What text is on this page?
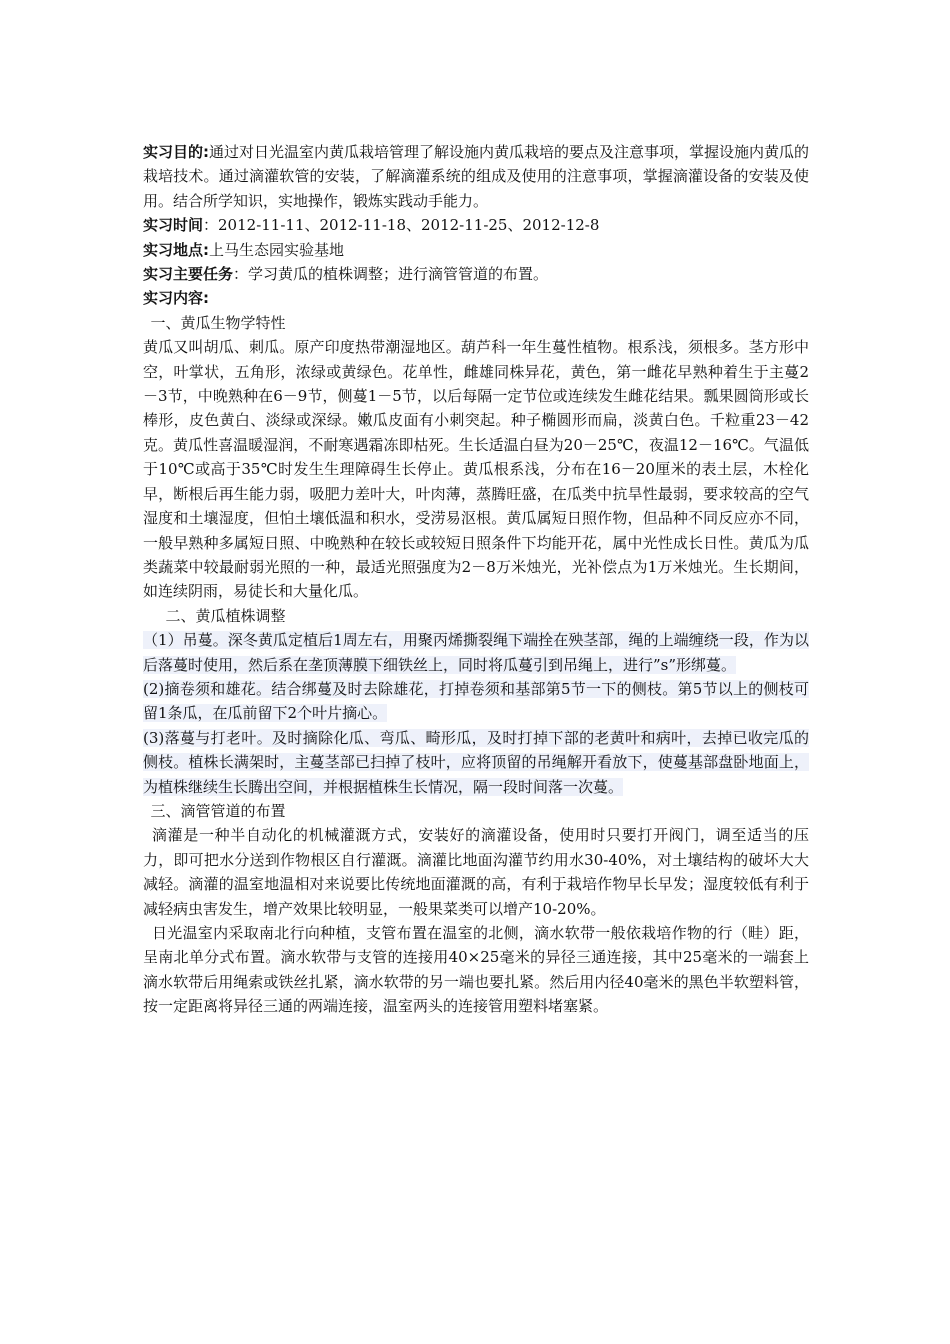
实习目的:通过对日光温室内黄瓜栽培管理了解设施内黄瓜栽培的要点及注意事项，掌握设施内黄瓜的栽培技术。通过滴灌软管的安装，了解滴灌系统的组成及使用的注意事项，掌握滴灌设备的安装及使用。结合所学知识，实地操作，锻炼实践动手能力。

实习时间：2012-11-11、2012-11-18、2012-11-25、2012-12-8

实习地点:上马生态园实验基地

实习主要任务：学习黄瓜的植株调整；进行滴管管道的布置。

实习内容:

一、黄瓜生物学特性

黄瓜又叫胡瓜、刺瓜。原产印度热带潮湿地区。葫芦科一年生蔓性植物。根系浅，须根多。茎方形中空，叶掌状，五角形，浓绿或黄绿色。花单性，雌雄同株异花，黄色，第一雌花早熟种着生于主蔓2－3节，中晚熟种在6－9节，侧蔓1－5节，以后每隔一定节位或连续发生雌花结果。瓢果圆筒形或长棒形，皮色黄白、淡绿或深绿。嫩瓜皮面有小刺突起。种子椭圆形而扁，淡黄白色。千粒重23－42克。黄瓜性喜温暖湿润，不耐寒遇霜冻即枯死。生长适温白昼为20－25℃，夜温12－16℃。气温低于10℃或高于35℃时发生生理障碍生长停止。黄瓜根系浅，分布在16－20厘米的表土层，木栓化早，断根后再生能力弱，吸肥力差叶大，叶肉薄，蒸腾旺盛，在瓜类中抗旱性最弱，要求较高的空气湿度和土壤湿度，但怕土壤低温和积水，受涝易沤根。黄瓜属短日照作物，但品种不同反应亦不同，一般早熟种多属短日照、中晚熟种在较长或较短日照条件下均能开花，属中光性成长日性。黄瓜为瓜类蔬菜中较最耐弱光照的一种，最适光照强度为2－8万米烛光，光补偿点为1万米烛光。生长期间，如连续阴雨，易徒长和大量化瓜。

二、黄瓜植株调整

（1）吊蔓。深冬黄瓜定植后1周左右，用聚丙烯撕裂绳下端拴在殃茎部，绳的上端缠绕一段，作为以后落蔓时使用，然后系在垄顶薄膜下细铁丝上，同时将瓜蔓引到吊绳上，进行”s”形绑蔓。

(2)摘卷须和雄花。结合绑蔓及时去除雄花，打掉卷须和基部第5节一下的侧枝。第5节以上的侧枝可留1条瓜，在瓜前留下2个叶片摘心。

(3)落蔓与打老叶。及时摘除化瓜、弯瓜、畸形瓜，及时打掉下部的老黄叶和病叶，去掉已收完瓜的侧枝。植株长满架时，主蔓茎部已扫掉了枝叶，应将顶留的吊绳解开看放下，使蔓基部盘卧地面上，为植株继续生长腾出空间，并根据植株生长情况，隔一段时间落一次蔓。

三、滴管管道的布置

滴灌是一种半自动化的机械灌溉方式，安装好的滴灌设备，使用时只要打开阀门，调至适当的压力，即可把水分送到作物根区自行灌溉。滴灌比地面沟灌节约用水30-40%，对土壤结构的破坏大大减轻。滴灌的温室地温相对来说要比传统地面灌溉的高，有利于栽培作物早长早发；湿度较低有利于减轻病虫害发生，增产效果比较明显，一般果菜类可以增产10-20%。

日光温室内采取南北行向种植，支管布置在温室的北侧，滴水软带一般依栽培作物的行（畦）距，呈南北单分式布置。滴水软带与支管的连接用40×25毫米的异径三通连接，其中25毫米的一端套上滴水软带后用绳索或铁丝扎紧，滴水软带的另一端也要扎紧。然后用内径40毫米的黑色半软塑料管，按一定距离将异径三通的两端连接，温室两头的连接管用塑料堵塞紧。
